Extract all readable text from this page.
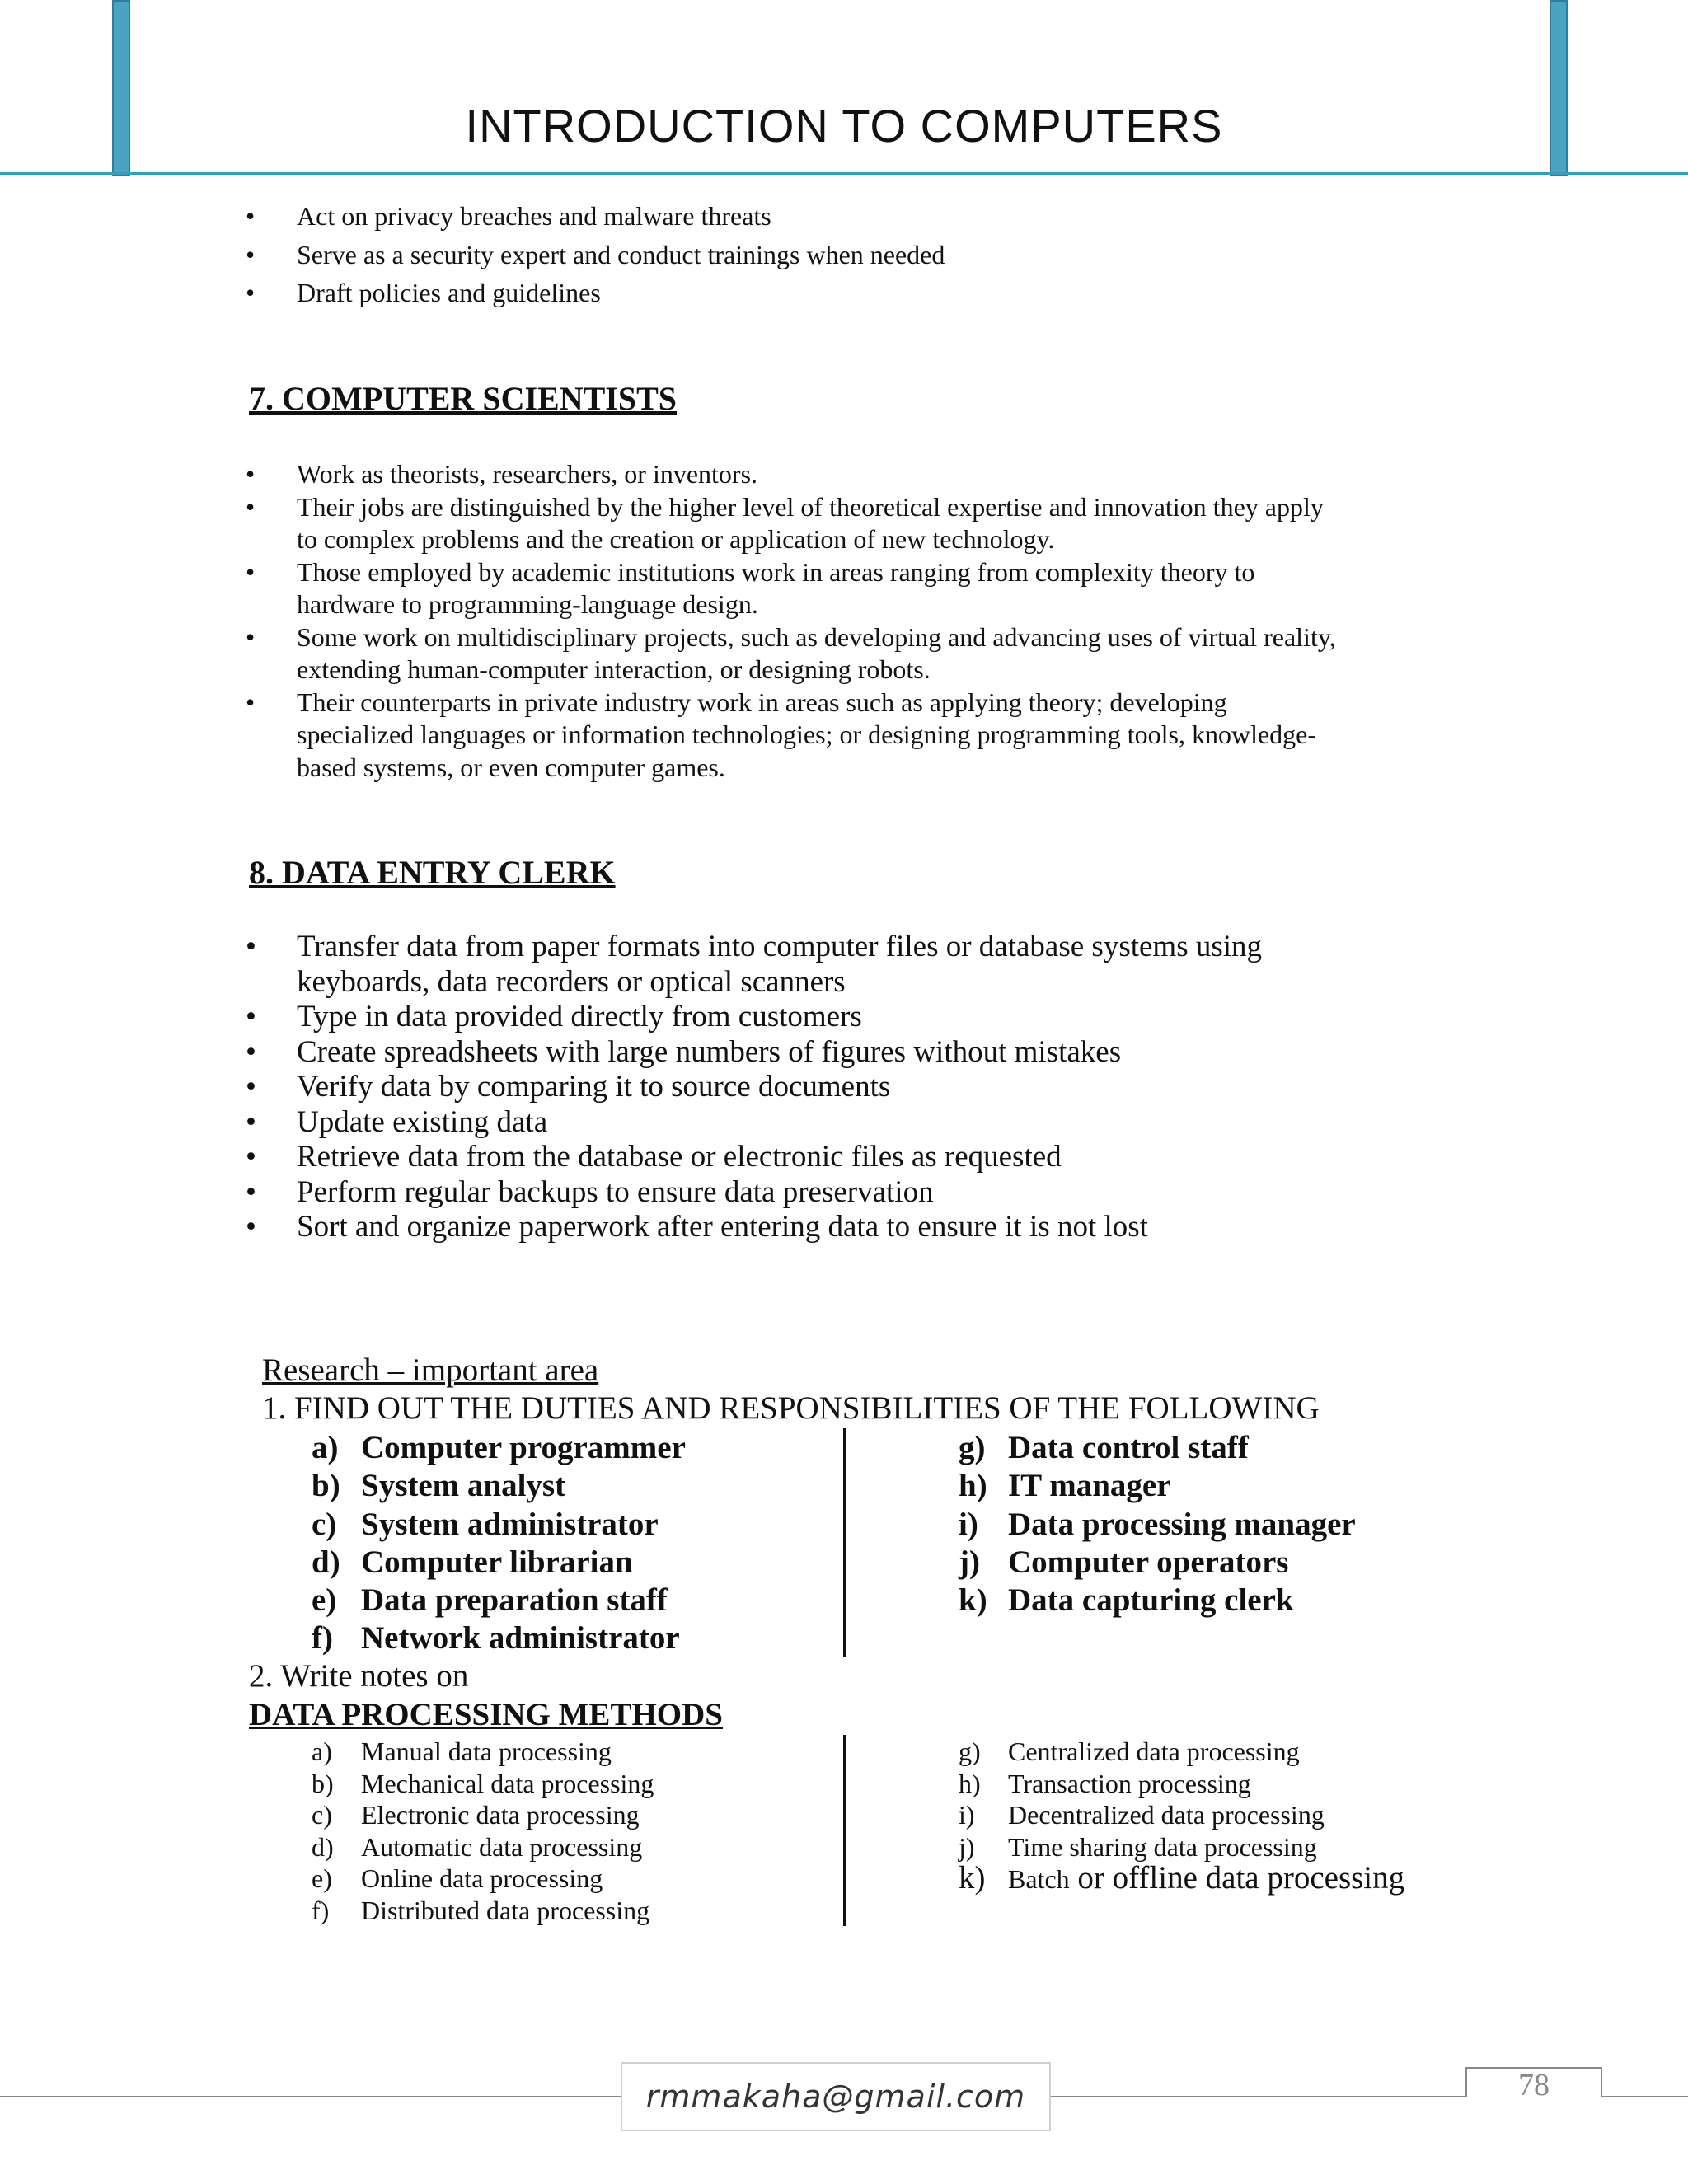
INTRODUCTION TO COMPUTERS
• Act on privacy breaches and malware threats
• Serve as a security expert and conduct trainings when needed
• Draft policies and guidelines
7. COMPUTER SCIENTISTS
• Work as theorists, researchers, or inventors.
• Their jobs are distinguished by the higher level of theoretical expertise and innovation they apply
to complex problems and the creation or application of new technology.
• Those employed by academic institutions work in areas ranging from complexity theory to
hardware to programming-language design.
• Some work on multidisciplinary projects, such as developing and advancing uses of virtual reality,
extending human-computer interaction, or designing robots.
• Their counterparts in private industry work in areas such as applying theory; developing
specialized languages or information technologies; or designing programming tools, knowledge-
based systems, or even computer games.
8. DATA ENTRY CLERK
• Transfer data from paper formats into computer files or database systems using
keyboards, data recorders or optical scanners
• Type in data provided directly from customers
• Create spreadsheets with large numbers of figures without mistakes
• Verify data by comparing it to source documents
• Update existing data
• Retrieve data from the database or electronic files as requested
• Perform regular backups to ensure data preservation
• Sort and organize paperwork after entering data to ensure it is not lost
Research – important area
1. FIND OUT THE DUTIES AND RESPONSIBILITIES OF THE FOLLOWING
a) Computer programmer
b) System analyst
c) System administrator
d) Computer librarian
e) Data preparation staff
f) Network administrator
g) Data control staff
h) IT manager
i) Data processing manager
j) Computer operators
k) Data capturing clerk
2. Write notes on
DATA PROCESSING METHODS
a)	Manual data processing
b)	Mechanical data processing
c)	Electronic data processing
d)	Automatic data processing
e)	Online data processing
f)	Distributed data processing
g)	Centralized data processing
h)	Transaction processing
i)	Decentralized data processing
j)	Time sharing data processing
k) Batch or offline data processing
rmmakaha@gmail.com	78
